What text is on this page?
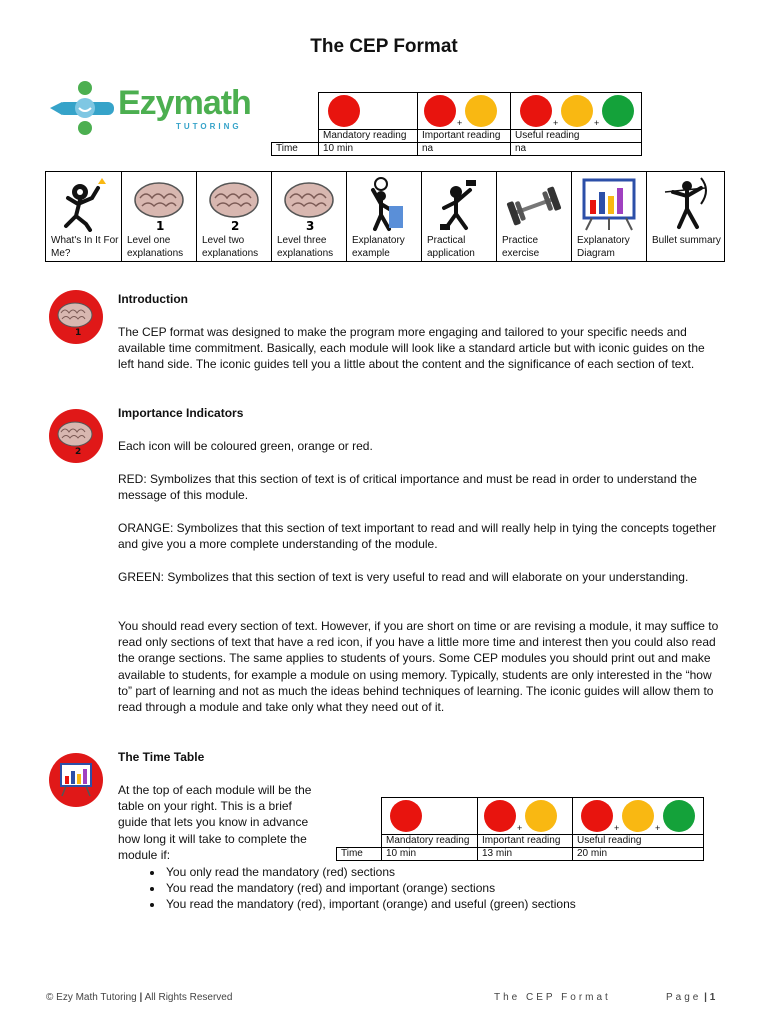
The CEP Format
Ezymath
TUTORING

		+	+ +

	Mandatory reading	Important reading	Useful reading
Time	10 min	na	na
What's In It For Me?
1
Level one explanations
2
Level two explanations
3
Level three explanations
Explanatory example
Practical application
Practice exercise
Explanatory Diagram
Bullet summary
1
Introduction
The CEP format was designed to make the program more engaging and tailored to your specific needs and available time commitment. Basically, each module will look like a standard article but with iconic guides on the left hand side. The iconic guides tell you a little about the content and the significance of each section of text.
2
Importance Indicators
Each icon will be coloured green, orange or red.
RED: Symbolizes that this section of text is of critical importance and must be read in order to understand the message of this module.
ORANGE: Symbolizes that this section of text important to read and will really help in tying the concepts together and give you a more complete understanding of the module.
GREEN: Symbolizes that this section of text is very useful to read and will elaborate on your understanding.
You should read every section of text. However, if you are short on time or are revising a module, it may suffice to read only sections of text that have a red icon, if you have a little more time and interest then you could also read the orange sections. The same applies to students of yours. Some CEP modules you should print out and make available to students, for example a module on using memory. Typically, students are only interested in the “how to” part of learning and not as much the ideas behind techniques of learning. The iconic guides will allow them to read through a module and take only what they need out of it.
The Time Table
At the top of each module will be the table on your right. This is a brief guide that lets you know in advance how long it will take to complete the module if:

		+	+ +

	Mandatory reading	Important reading	Useful reading
Time	10 min	13 min	20 min
• You only read the mandatory (red) sections
• You read the mandatory (red) and important (orange) sections
• You read the mandatory (red), important (orange) and useful (green) sections
© Ezy Math Tutoring | All Rights Reserved	The CEP Format	Page | 1
